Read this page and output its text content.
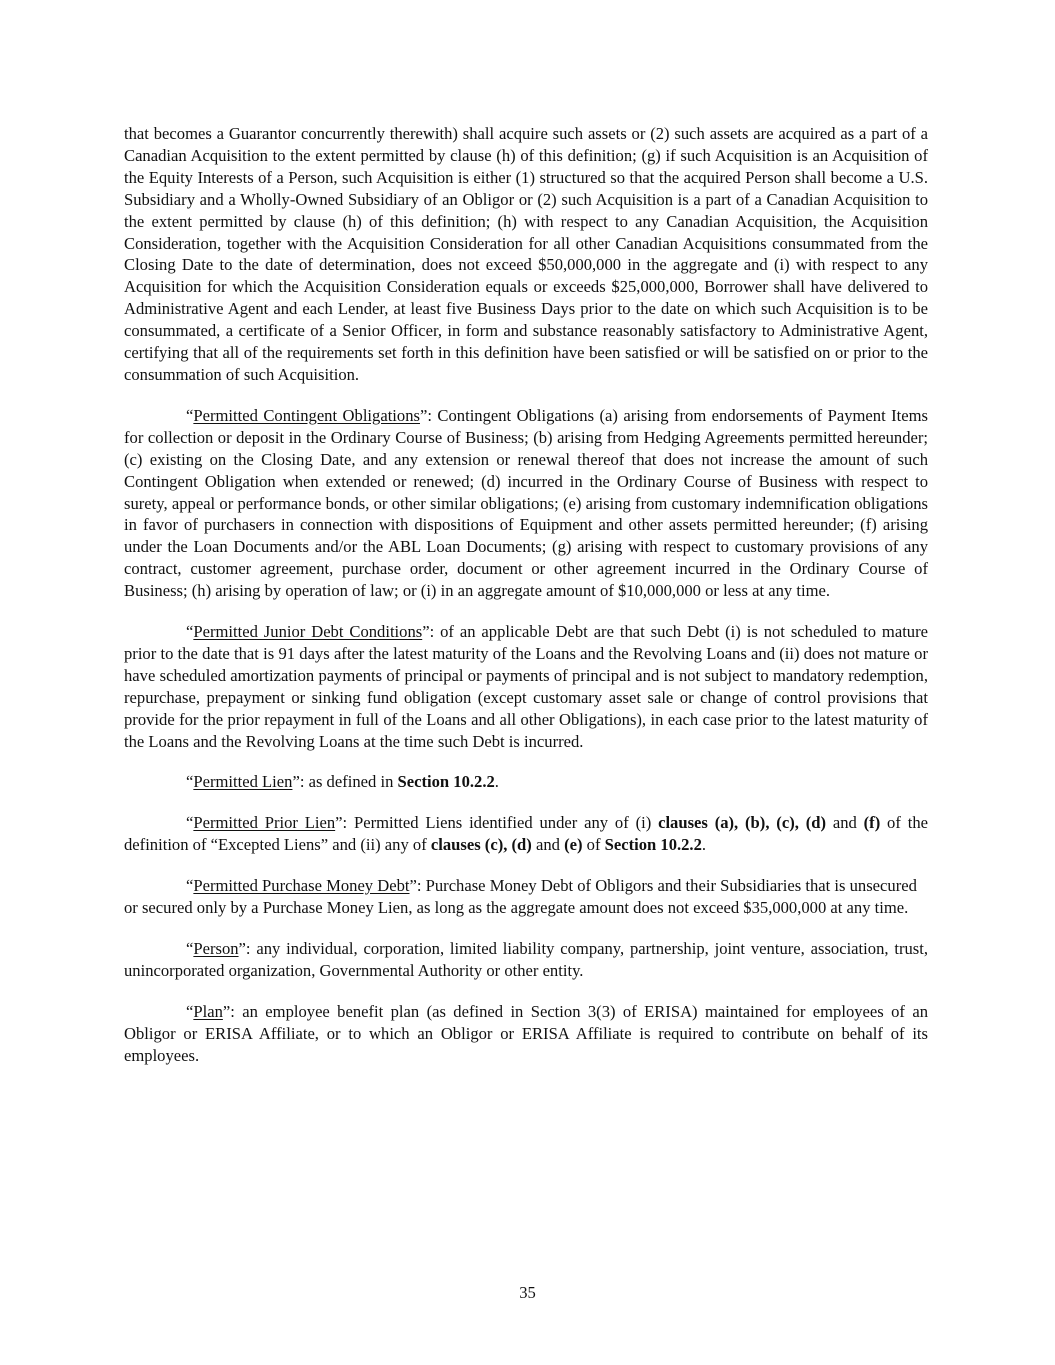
that becomes a Guarantor concurrently therewith) shall acquire such assets or (2) such assets are acquired as a part of a Canadian Acquisition to the extent permitted by clause (h) of this definition; (g) if such Acquisition is an Acquisition of the Equity Interests of a Person, such Acquisition is either (1) structured so that the acquired Person shall become a U.S. Subsidiary and a Wholly-Owned Subsidiary of an Obligor or (2) such Acquisition is a part of a Canadian Acquisition to the extent permitted by clause (h) of this definition; (h) with respect to any Canadian Acquisition, the Acquisition Consideration, together with the Acquisition Consideration for all other Canadian Acquisitions consummated from the Closing Date to the date of determination, does not exceed $50,000,000 in the aggregate and (i) with respect to any Acquisition for which the Acquisition Consideration equals or exceeds $25,000,000, Borrower shall have delivered to Administrative Agent and each Lender, at least five Business Days prior to the date on which such Acquisition is to be consummated, a certificate of a Senior Officer, in form and substance reasonably satisfactory to Administrative Agent, certifying that all of the requirements set forth in this definition have been satisfied or will be satisfied on or prior to the consummation of such Acquisition.

“Permitted Contingent Obligations”: Contingent Obligations (a) arising from endorsements of Payment Items for collection or deposit in the Ordinary Course of Business; (b) arising from Hedging Agreements permitted hereunder; (c) existing on the Closing Date, and any extension or renewal thereof that does not increase the amount of such Contingent Obligation when extended or renewed; (d) incurred in the Ordinary Course of Business with respect to surety, appeal or performance bonds, or other similar obligations; (e) arising from customary indemnification obligations in favor of purchasers in connection with dispositions of Equipment and other assets permitted hereunder; (f) arising under the Loan Documents and/or the ABL Loan Documents; (g) arising with respect to customary provisions of any contract, customer agreement, purchase order, document or other agreement incurred in the Ordinary Course of Business; (h) arising by operation of law; or (i) in an aggregate amount of $10,000,000 or less at any time.

“Permitted Junior Debt Conditions”: of an applicable Debt are that such Debt (i) is not scheduled to mature prior to the date that is 91 days after the latest maturity of the Loans and the Revolving Loans and (ii) does not mature or have scheduled amortization payments of principal or payments of principal and is not subject to mandatory redemption, repurchase, prepayment or sinking fund obligation (except customary asset sale or change of control provisions that provide for the prior repayment in full of the Loans and all other Obligations), in each case prior to the latest maturity of the Loans and the Revolving Loans at the time such Debt is incurred.

“Permitted Lien”: as defined in Section 10.2.2.

“Permitted Prior Lien”: Permitted Liens identified under any of (i) clauses (a), (b), (c), (d) and (f) of the definition of “Excepted Liens” and (ii) any of clauses (c), (d) and (e) of Section 10.2.2.

“Permitted Purchase Money Debt”: Purchase Money Debt of Obligors and their Subsidiaries that is unsecured or secured only by a Purchase Money Lien, as long as the aggregate amount does not exceed $35,000,000 at any time.

“Person”: any individual, corporation, limited liability company, partnership, joint venture, association, trust, unincorporated organization, Governmental Authority or other entity.

“Plan”: an employee benefit plan (as defined in Section 3(3) of ERISA) maintained for employees of an Obligor or ERISA Affiliate, or to which an Obligor or ERISA Affiliate is required to contribute on behalf of its employees.

35
